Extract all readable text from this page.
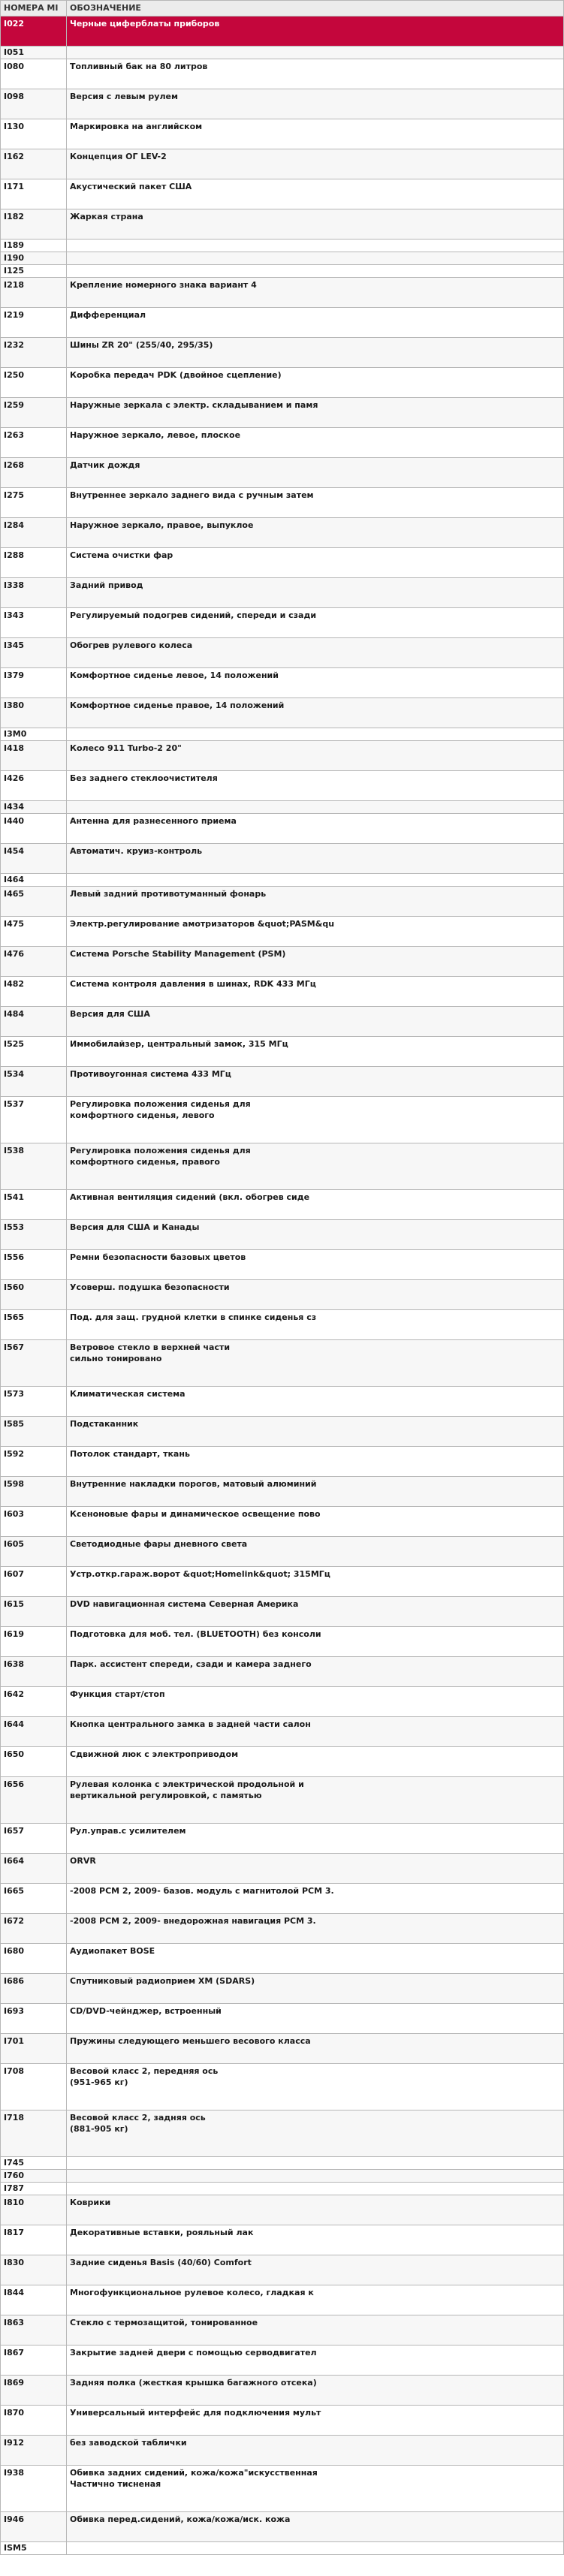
НОМЕРА МІ	ОБОЗНАЧЕНИЕ
I022	Черные циферблаты приборов
I051	
I080	Топливный бак на 80 литров
I098	Версия с левым рулем
I130	Маркировка на английском
I162	Концепция ОГ LEV-2
I171	Акустический пакет США
I182	Жаркая страна
I189	
I190	
I125	
I218	Крепление номерного знака вариант 4
I219	Дифференциал
I232	Шины ZR 20" (255/40, 295/35)
I250	Коробка передач PDK (двойное сцепление)
I259	Наружные зеркала с электр. складыванием и памя
I263	Наружное зеркало, левое, плоское
I268	Датчик дождя
I275	Внутреннее зеркало заднего вида с ручным затем
I284	Наружное зеркало, правое, выпуклое
I288	Система очистки фар
I338	Задний привод
I343	Регулируемый подогрев сидений, спереди и сзади
I345	Обогрев рулевого колеса
I379	Комфортное сиденье левое, 14 положений
I380	Комфортное сиденье правое, 14 положений
I3M0	
I418	Колесо 911 Turbo-2 20"
I426	Без заднего стеклоочистителя
I434	
I440	Антенна для разнесенного приема
I454	Автоматич. круиз-контроль
I464	
I465	Левый задний противотуманный фонарь
I475	Электр.регулирование амотризаторов &quot;PASM&qu
I476	Система Porsche Stability Management (PSM)
I482	Система контроля давления в шинах, RDK 433 МГц
I484	Версия для США
I525	Иммобилайзер, центральный замок, 315 МГц
I534	Противоугонная система 433 МГц
I537	Регулировка положения сиденья для
комфортного сиденья, левого
I538	Регулировка положения сиденья для
комфортного сиденья, правого
I541	Активная вентиляция сидений (вкл. обогрев сиде
I553	Версия для США и Канады
I556	Ремни безопасности базовых цветов
I560	Усоверш. подушка безопасности
I565	Под. для защ. грудной клетки в спинке сиденья сз
I567	Ветровое стекло в верхней части
сильно тонировано
I573	Климатическая система
I585	Подстаканник
I592	Потолок стандарт, ткань
I598	Внутренние накладки порогов, матовый алюминий
I603	Ксеноновые фары и динамическое освещение пово
I605	Светодиодные фары дневного света
I607	Устр.откр.гараж.ворот &quot;Homelink&quot; 315МГц
I615	DVD навигационная система Северная Америка
I619	Подготовка для моб. тел. (BLUETOOTH) без консоли
I638	Парк. ассистент спереди, сзади и камера заднего
I642	Функция старт/стоп
I644	Кнопка центрального замка в задней части салон
I650	Сдвижной люк с электроприводом
I656	Рулевая колонка с электрической продольной и
вертикальной регулировкой, с памятью
I657	Рул.управ.с усилителем
I664	ORVR
I665	-2008 PCM 2, 2009- базов. модуль с магнитолой PCM 3.
I672	-2008 PCM 2, 2009- внедорожная навигация PCM 3.
I680	Аудиопакет BOSE
I686	Спутниковый радиоприем XM (SDARS)
I693	CD/DVD-чейнджер, встроенный
I701	Пружины следующего меньшего весового класса
I708	Весовой класс 2, передняя ось
(951-965 кг)
I718	Весовой класс 2, задняя ось
(881-905 кг)
I745	
I760	
I787	
I810	Коврики
I817	Декоративные вставки, рояльный лак
I830	Задние сиденья Basis (40/60) Comfort
I844	Многофункциональное рулевое колесо, гладкая к
I863	Стекло с термозащитой, тонированное
I867	Закрытие задней двери с помощью серводвигател
I869	Задняя полка (жесткая крышка багажного отсека)
I870	Универсальный интерфейс для подключения мульт
I912	без заводской таблички
I938	Обивка задних сидений, кожа/кожа"искусственная
Частично тисненая
I946	Обивка перед.сидений, кожа/кожа/иск. кожа
ISM5	
